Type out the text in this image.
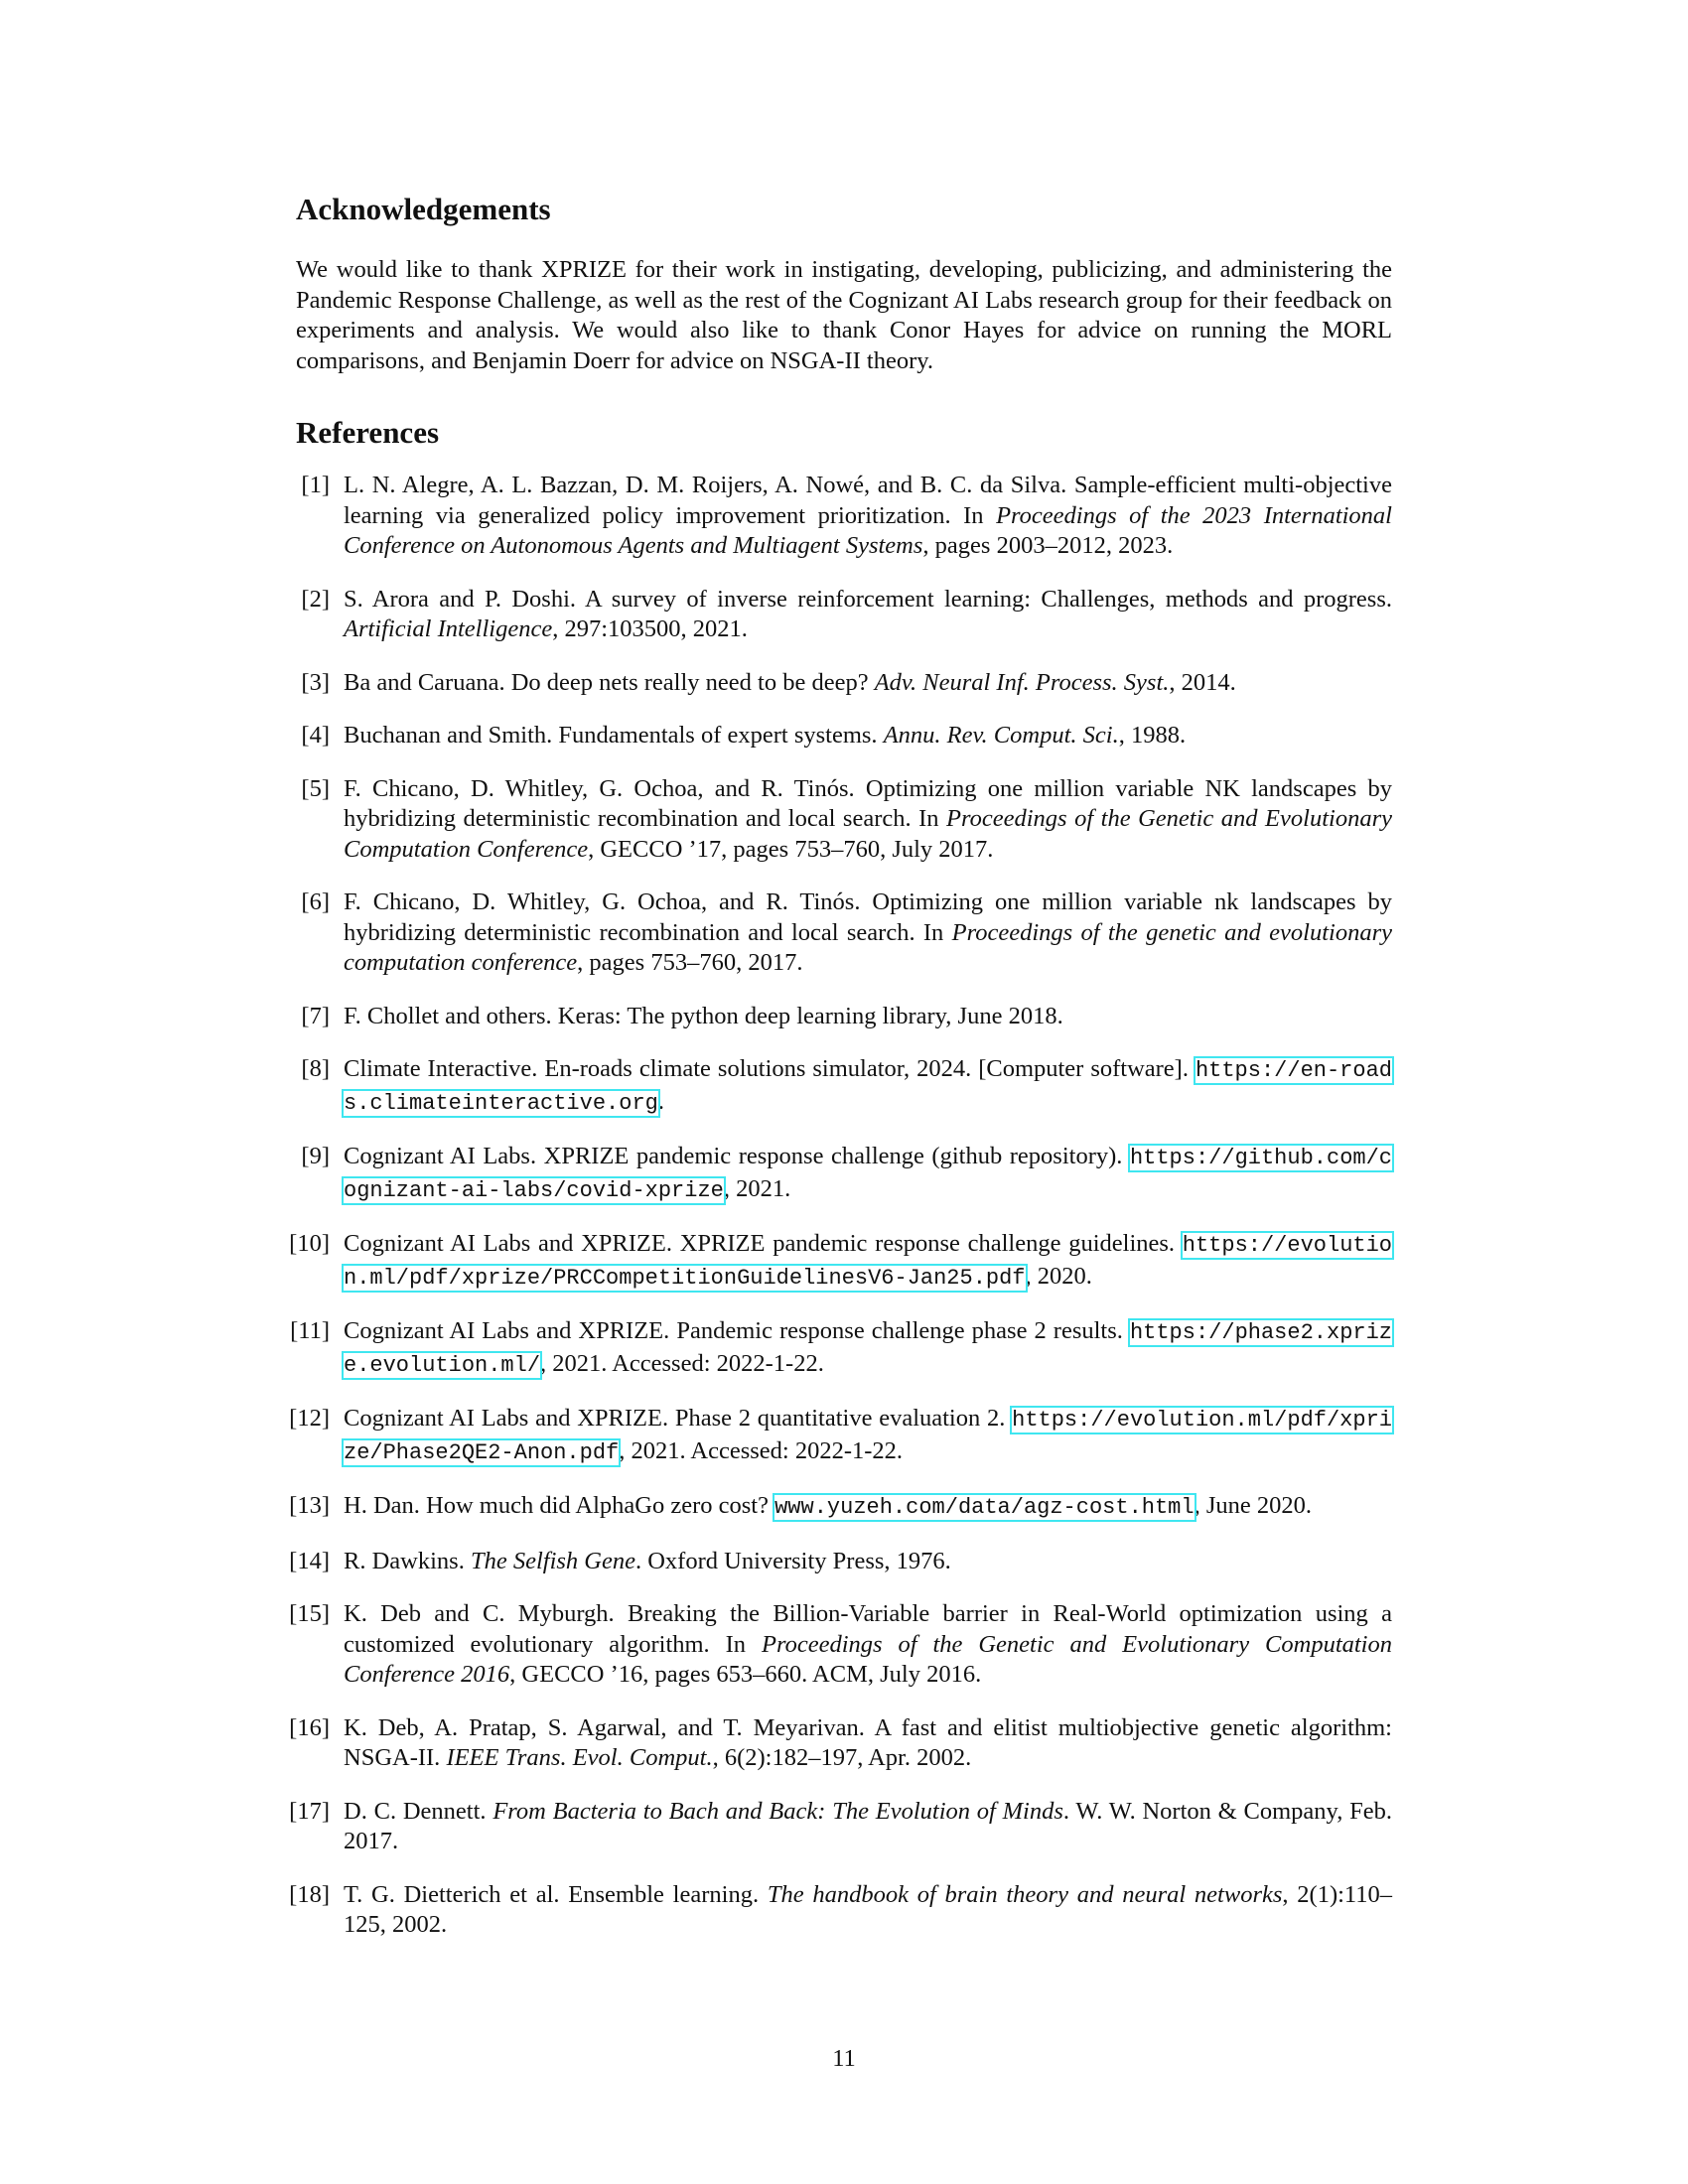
Acknowledgements

We would like to thank XPRIZE for their work in instigating, developing, publicizing, and administering the Pandemic Response Challenge, as well as the rest of the Cognizant AI Labs research group for their feedback on experiments and analysis. We would also like to thank Conor Hayes for advice on running the MORL comparisons, and Benjamin Doerr for advice on NSGA-II theory.

References
[1] L. N. Alegre, A. L. Bazzan, D. M. Roijers, A. Nowé, and B. C. da Silva. Sample-efficient multi-objective learning via generalized policy improvement prioritization. In Proceedings of the 2023 International Conference on Autonomous Agents and Multiagent Systems, pages 2003–2012, 2023.
[2] S. Arora and P. Doshi. A survey of inverse reinforcement learning: Challenges, methods and progress. Artificial Intelligence, 297:103500, 2021.
[3] Ba and Caruana. Do deep nets really need to be deep? Adv. Neural Inf. Process. Syst., 2014.
[4] Buchanan and Smith. Fundamentals of expert systems. Annu. Rev. Comput. Sci., 1988.
[5] F. Chicano, D. Whitley, G. Ochoa, and R. Tinós. Optimizing one million variable NK landscapes by hybridizing deterministic recombination and local search. In Proceedings of the Genetic and Evolutionary Computation Conference, GECCO ’17, pages 753–760, July 2017.
[6] F. Chicano, D. Whitley, G. Ochoa, and R. Tinós. Optimizing one million variable nk landscapes by hybridizing deterministic recombination and local search. In Proceedings of the genetic and evolutionary computation conference, pages 753–760, 2017.
[7] F. Chollet and others. Keras: The python deep learning library, June 2018.
[8] Climate Interactive. En-roads climate solutions simulator, 2024. [Computer software]. https://en-roads.climateinteractive.org.
[9] Cognizant AI Labs. XPRIZE pandemic response challenge (github repository). https://github.com/cognizant-ai-labs/covid-xprize, 2021.
[10] Cognizant AI Labs and XPRIZE. XPRIZE pandemic response challenge guidelines. https://evolution.ml/pdf/xprize/PRCCompetitionGuidelinesV6-Jan25.pdf, 2020.
[11] Cognizant AI Labs and XPRIZE. Pandemic response challenge phase 2 results. https://phase2.xprize.evolution.ml/, 2021. Accessed: 2022-1-22.
[12] Cognizant AI Labs and XPRIZE. Phase 2 quantitative evaluation 2. https://evolution.ml/pdf/xprize/Phase2QE2-Anon.pdf, 2021. Accessed: 2022-1-22.
[13] H. Dan. How much did AlphaGo zero cost? www.yuzeh.com/data/agz-cost.html, June 2020.
[14] R. Dawkins. The Selfish Gene. Oxford University Press, 1976.
[15] K. Deb and C. Myburgh. Breaking the Billion-Variable barrier in Real-World optimization using a customized evolutionary algorithm. In Proceedings of the Genetic and Evolutionary Computation Conference 2016, GECCO ’16, pages 653–660. ACM, July 2016.
[16] K. Deb, A. Pratap, S. Agarwal, and T. Meyarivan. A fast and elitist multiobjective genetic algorithm: NSGA-II. IEEE Trans. Evol. Comput., 6(2):182–197, Apr. 2002.
[17] D. C. Dennett. From Bacteria to Bach and Back: The Evolution of Minds. W. W. Norton & Company, Feb. 2017.
[18] T. G. Dietterich et al. Ensemble learning. The handbook of brain theory and neural networks, 2(1):110–125, 2002.
11
